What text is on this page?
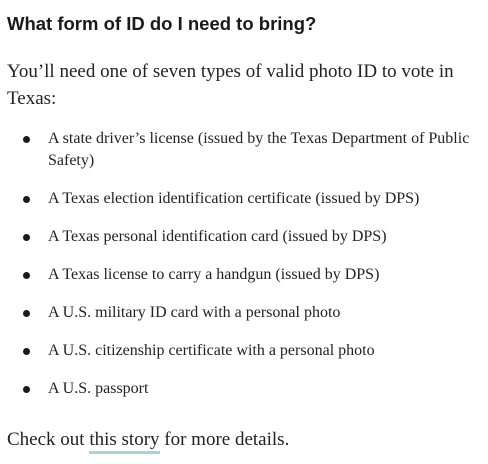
What form of ID do I need to bring?

You’ll need one of seven types of valid photo ID to vote in Texas:

A state driver’s license (issued by the Texas Department of Public Safety)
A Texas election identification certificate (issued by DPS)
A Texas personal identification card (issued by DPS)
A Texas license to carry a handgun (issued by DPS)
A U.S. military ID card with a personal photo
A U.S. citizenship certificate with a personal photo
A U.S. passport

Check out this story for more details.
